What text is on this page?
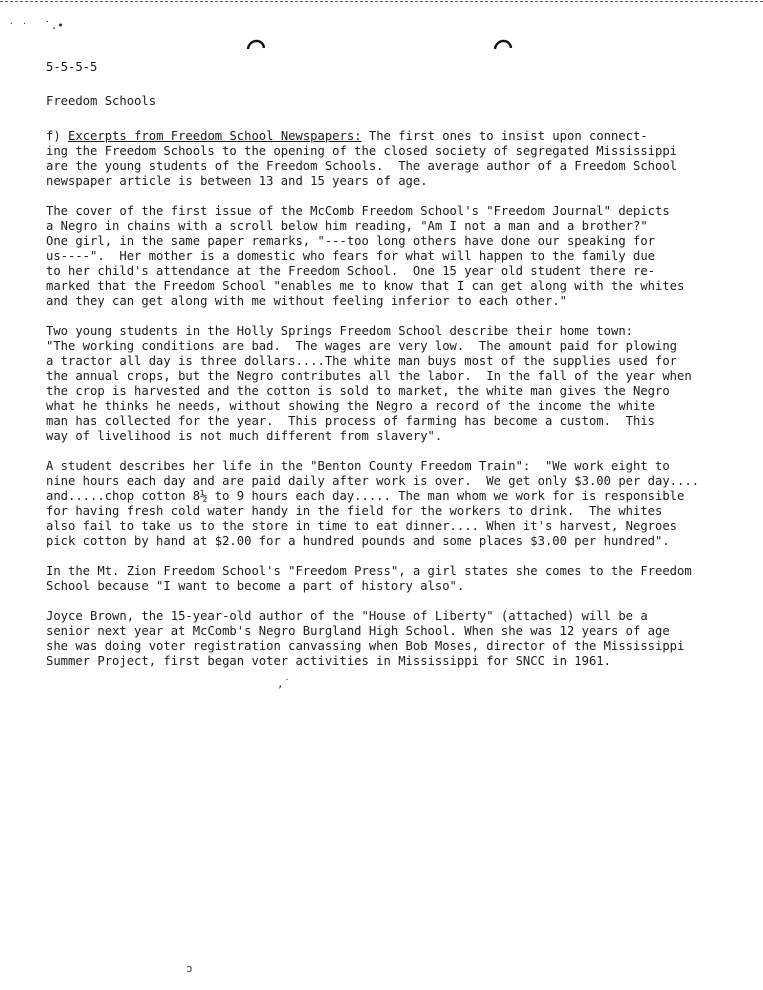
˙ ˙ ˙.•
,˙
ɔ
5-5-5-5
Freedom Schools

f) Excerpts from Freedom School Newspapers: The first ones to insist upon connect-
ing the Freedom Schools to the opening of the closed society of segregated Mississippi
are the young students of the Freedom Schools.  The average author of a Freedom School
newspaper article is between 13 and 15 years of age.

The cover of the first issue of the McComb Freedom School's "Freedom Journal" depicts
a Negro in chains with a scroll below him reading, "Am I not a man and a brother?"
One girl, in the same paper remarks, "---too long others have done our speaking for
us----".  Her mother is a domestic who fears for what will happen to the family due
to her child's attendance at the Freedom School.  One 15 year old student there re-
marked that the Freedom School "enables me to know that I can get along with the whites
and they can get along with me without feeling inferior to each other."

Two young students in the Holly Springs Freedom School describe their home town:
"The working conditions are bad.  The wages are very low.  The amount paid for plowing
a tractor all day is three dollars....The white man buys most of the supplies used for
the annual crops, but the Negro contributes all the labor.  In the fall of the year when
the crop is harvested and the cotton is sold to market, the white man gives the Negro
what he thinks he needs, without showing the Negro a record of the income the white
man has collected for the year.  This process of farming has become a custom.  This
way of livelihood is not much different from slavery".

A student describes her life in the "Benton County Freedom Train":  "We work eight to
nine hours each day and are paid daily after work is over.  We get only $3.00 per day....
and.....chop cotton 8½ to 9 hours each day..... The man whom we work for is responsible
for having fresh cold water handy in the field for the workers to drink.  The whites
also fail to take us to the store in time to eat dinner.... When it's harvest, Negroes
pick cotton by hand at $2.00 for a hundred pounds and some places $3.00 per hundred".

In the Mt. Zion Freedom School's "Freedom Press", a girl states she comes to the Freedom
School because "I want to become a part of history also".

Joyce Brown, the 15-year-old author of the "House of Liberty" (attached) will be a
senior next year at McComb's Negro Burgland High School. When she was 12 years of age
she was doing voter registration canvassing when Bob Moses, director of the Mississippi
Summer Project, first began voter activities in Mississippi for SNCC in 1961.
